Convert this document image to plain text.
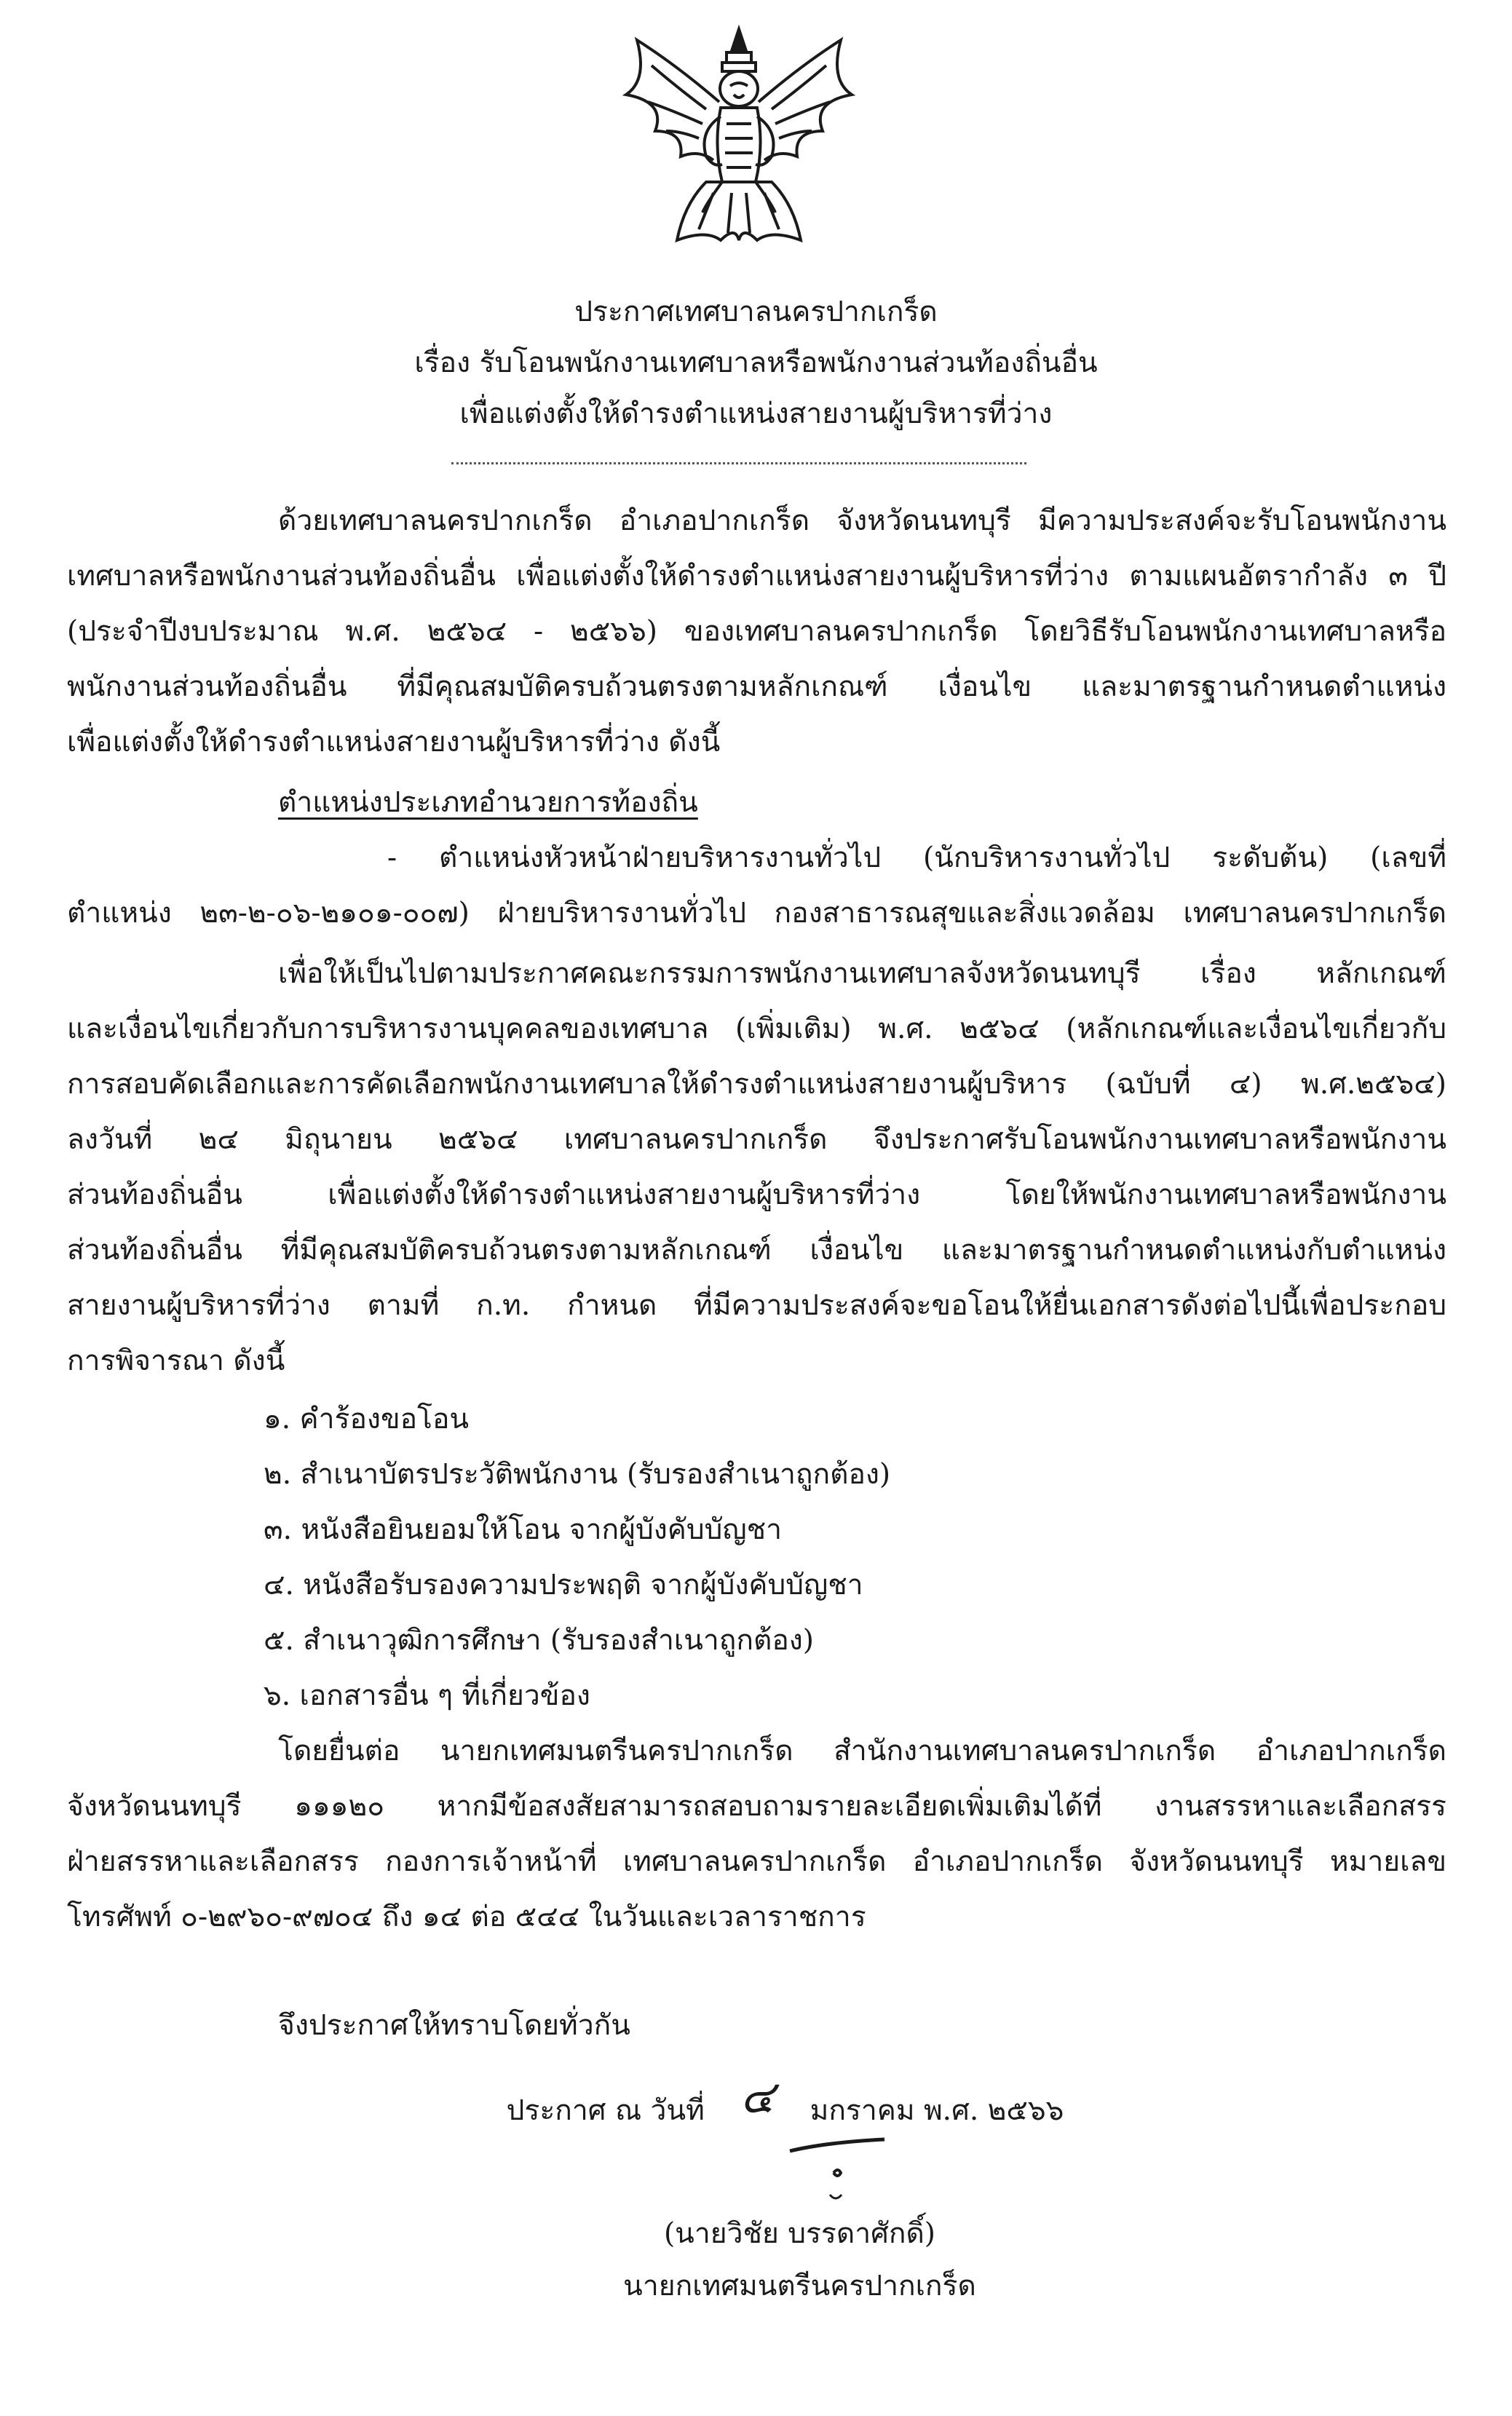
ประกาศเทศบาลนครปากเกร็ด
เรื่อง รับโอนพนักงานเทศบาลหรือพนักงานส่วนท้องถิ่นอื่น
เพื่อแต่งตั้งให้ดำรงตำแหน่งสายงานผู้บริหารที่ว่าง
ด้วยเทศบาลนครปากเกร็ด อำเภอปากเกร็ด จังหวัดนนทบุรี มีความประสงค์จะรับโอนพนักงาน
เทศบาลหรือพนักงานส่วนท้องถิ่นอื่น เพื่อแต่งตั้งให้ดำรงตำแหน่งสายงานผู้บริหารที่ว่าง ตามแผนอัตรากำลัง ๓ ปี
(ประจำปีงบประมาณ พ.ศ. ๒๕๖๔ - ๒๕๖๖) ของเทศบาลนครปากเกร็ด โดยวิธีรับโอนพนักงานเทศบาลหรือ
พนักงานส่วนท้องถิ่นอื่น ที่มีคุณสมบัติครบถ้วนตรงตามหลักเกณฑ์ เงื่อนไข และมาตรฐานกำหนดตำแหน่ง
เพื่อแต่งตั้งให้ดำรงตำแหน่งสายงานผู้บริหารที่ว่าง ดังนี้
ตำแหน่งประเภทอำนวยการท้องถิ่น
- ตำแหน่งหัวหน้าฝ่ายบริหารงานทั่วไป (นักบริหารงานทั่วไป ระดับต้น) (เลขที่
ตำแหน่ง ๒๓-๒-๐๖-๒๑๐๑-๐๐๗) ฝ่ายบริหารงานทั่วไป กองสาธารณสุขและสิ่งแวดล้อม เทศบาลนครปากเกร็ด
เพื่อให้เป็นไปตามประกาศคณะกรรมการพนักงานเทศบาลจังหวัดนนทบุรี เรื่อง หลักเกณฑ์
และเงื่อนไขเกี่ยวกับการบริหารงานบุคคลของเทศบาล (เพิ่มเติม) พ.ศ. ๒๕๖๔ (หลักเกณฑ์และเงื่อนไขเกี่ยวกับ
การสอบคัดเลือกและการคัดเลือกพนักงานเทศบาลให้ดำรงตำแหน่งสายงานผู้บริหาร (ฉบับที่ ๔) พ.ศ.๒๕๖๔)
ลงวันที่ ๒๔ มิถุนายน ๒๕๖๔ เทศบาลนครปากเกร็ด จึงประกาศรับโอนพนักงานเทศบาลหรือพนักงาน
ส่วนท้องถิ่นอื่น เพื่อแต่งตั้งให้ดำรงตำแหน่งสายงานผู้บริหารที่ว่าง โดยให้พนักงานเทศบาลหรือพนักงาน
ส่วนท้องถิ่นอื่น ที่มีคุณสมบัติครบถ้วนตรงตามหลักเกณฑ์ เงื่อนไข และมาตรฐานกำหนดตำแหน่งกับตำแหน่ง
สายงานผู้บริหารที่ว่าง ตามที่ ก.ท. กำหนด ที่มีความประสงค์จะขอโอนให้ยื่นเอกสารดังต่อไปนี้เพื่อประกอบ
การพิจารณา ดังนี้
๑. คำร้องขอโอน
๒. สำเนาบัตรประวัติพนักงาน (รับรองสำเนาถูกต้อง)
๓. หนังสือยินยอมให้โอน จากผู้บังคับบัญชา
๔. หนังสือรับรองความประพฤติ จากผู้บังคับบัญชา
๕. สำเนาวุฒิการศึกษา (รับรองสำเนาถูกต้อง)
๖. เอกสารอื่น ๆ ที่เกี่ยวข้อง
โดยยื่นต่อ นายกเทศมนตรีนครปากเกร็ด สำนักงานเทศบาลนครปากเกร็ด อำเภอปากเกร็ด
จังหวัดนนทบุรี ๑๑๑๒๐ หากมีข้อสงสัยสามารถสอบถามรายละเอียดเพิ่มเติมได้ที่ งานสรรหาและเลือกสรร
ฝ่ายสรรหาและเลือกสรร กองการเจ้าหน้าที่ เทศบาลนครปากเกร็ด อำเภอปากเกร็ด จังหวัดนนทบุรี หมายเลข
โทรศัพท์ ๐-๒๙๖๐-๙๗๐๔ ถึง ๑๔ ต่อ ๕๔๔ ในวันและเวลาราชการ
จึงประกาศให้ทราบโดยทั่วกัน
ประกาศ ณ วันที่ ๔ มกราคม พ.ศ. ๒๕๖๖
(นายวิชัย บรรดาศักดิ์)
นายกเทศมนตรีนครปากเกร็ด
